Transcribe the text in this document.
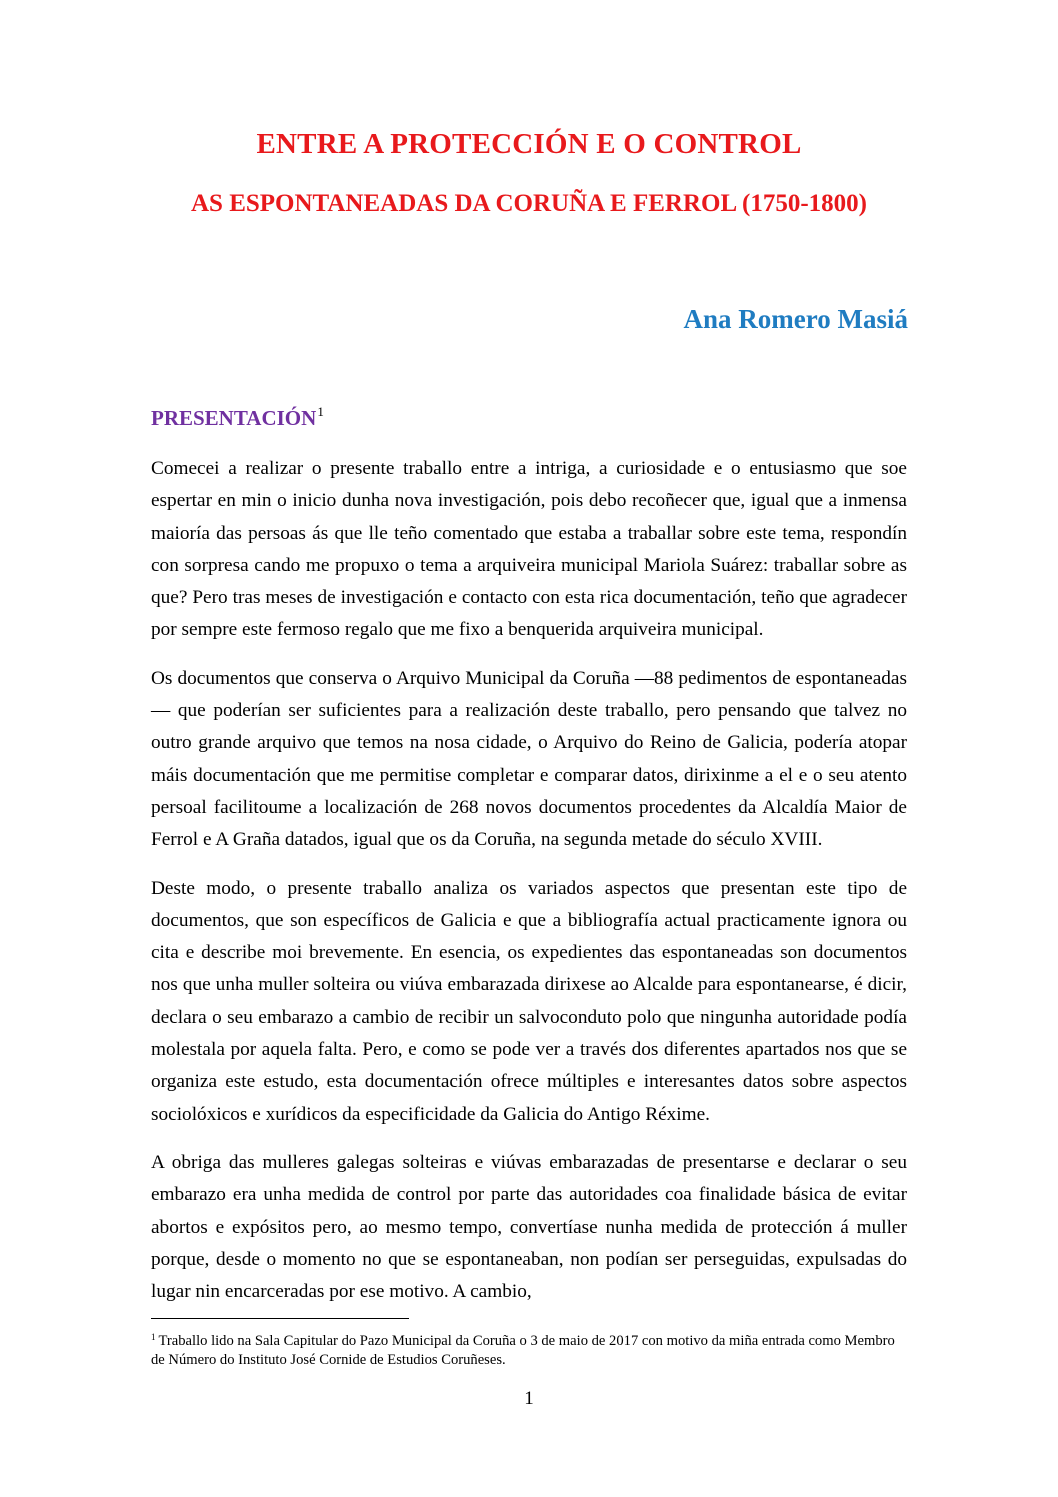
ENTRE A PROTECCIÓN E O CONTROL
AS ESPONTANEADAS DA CORUÑA E FERROL (1750-1800)
Ana Romero Masiá
PRESENTACIÓN$^1$

Comecei a realizar o presente traballo entre a intriga, a curiosidade e o entusiasmo que soe espertar en min o inicio dunha nova investigación, pois debo recoñecer que, igual que a inmensa maioría das persoas ás que lle teño comentado que estaba a traballar sobre este tema, respondín con sorpresa cando me propuxo o tema a arquiveira municipal Mariola Suárez: traballar sobre as que? Pero tras meses de investigación e contacto con esta rica documentación, teño que agradecer por sempre este fermoso regalo que me fixo a benquerida arquiveira municipal.

Os documentos que conserva o Arquivo Municipal da Coruña —88 pedimentos de espontaneadas— que poderían ser suficientes para a realización deste traballo, pero pensando que talvez no outro grande arquivo que temos na nosa cidade, o Arquivo do Reino de Galicia, podería atopar máis documentación que me permitise completar e comparar datos, dirixinme a el e o seu atento persoal facilitoume a localización de 268 novos documentos procedentes da Alcaldía Maior de Ferrol e A Graña datados, igual que os da Coruña, na segunda metade do século XVIII.

Deste modo, o presente traballo analiza os variados aspectos que presentan este tipo de documentos, que son específicos de Galicia e que a bibliografía actual practicamente ignora ou cita e describe moi brevemente. En esencia, os expedientes das espontaneadas son documentos nos que unha muller solteira ou viúva embarazada dirixese ao Alcalde para espontanearse, é dicir, declara o seu embarazo a cambio de recibir un salvoconduto polo que ningunha autoridade podía molestala por aquela falta. Pero, e como se pode ver a través dos diferentes apartados nos que se organiza este estudo, esta documentación ofrece múltiples e interesantes datos sobre aspectos sociolóxicos e xurídicos da especificidade da Galicia do Antigo Réxime.

A obriga das mulleres galegas solteiras e viúvas embarazadas de presentarse e declarar o seu embarazo era unha medida de control por parte das autoridades coa finalidade básica de evitar abortos e expósitos pero, ao mesmo tempo, convertíase nunha medida de protección á muller porque, desde o momento no que se espontaneaban, non podían ser perseguidas, expulsadas do lugar nin encarceradas por ese motivo. A cambio,

$^1$ Traballo lido na Sala Capitular do Pazo Municipal da Coruña o 3 de maio de 2017 con motivo da miña entrada como Membro de Número do Instituto José Cornide de Estudios Coruñeses.

1
